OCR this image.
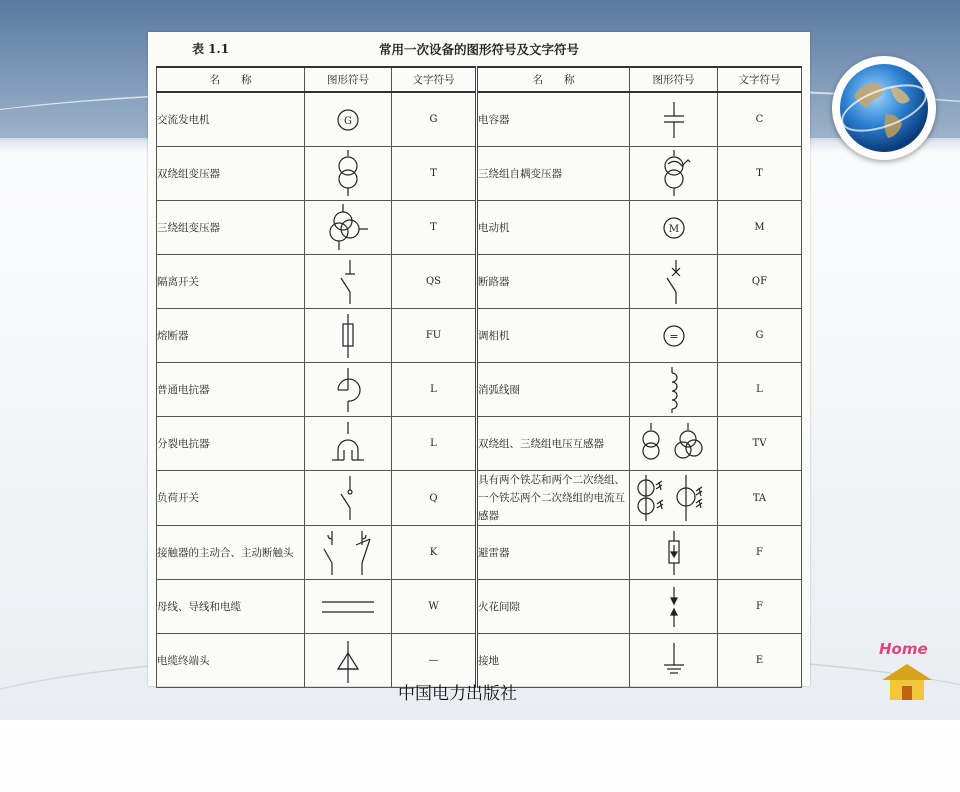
常用一次设备的图形符号及文字符号
表 1.1
名　　称	图形符号	文字符号	名　　称	图形符号	文字符号
交流发电机	G	G	电容器		C
双绕组变压器		T	三绕组自耦变压器		T
三绕组变压器		T	电动机	M	M
隔离开关		QS	断路器		QF
熔断器		FU	调相机	=	G
普通电抗器		L	消弧线圈		L
分裂电抗器		L	双绕组、三绕组电压互感器		TV
负荷开关		Q	具有两个铁芯和两个二次绕组、一个铁芯两个二次绕组的电流互感器		TA
接触器的主动合、主动断触头		K	避雷器		F
母线、导线和电缆		W	火花间隙		F
电缆终端头		—	接地		E
中国电力出版社
Home
